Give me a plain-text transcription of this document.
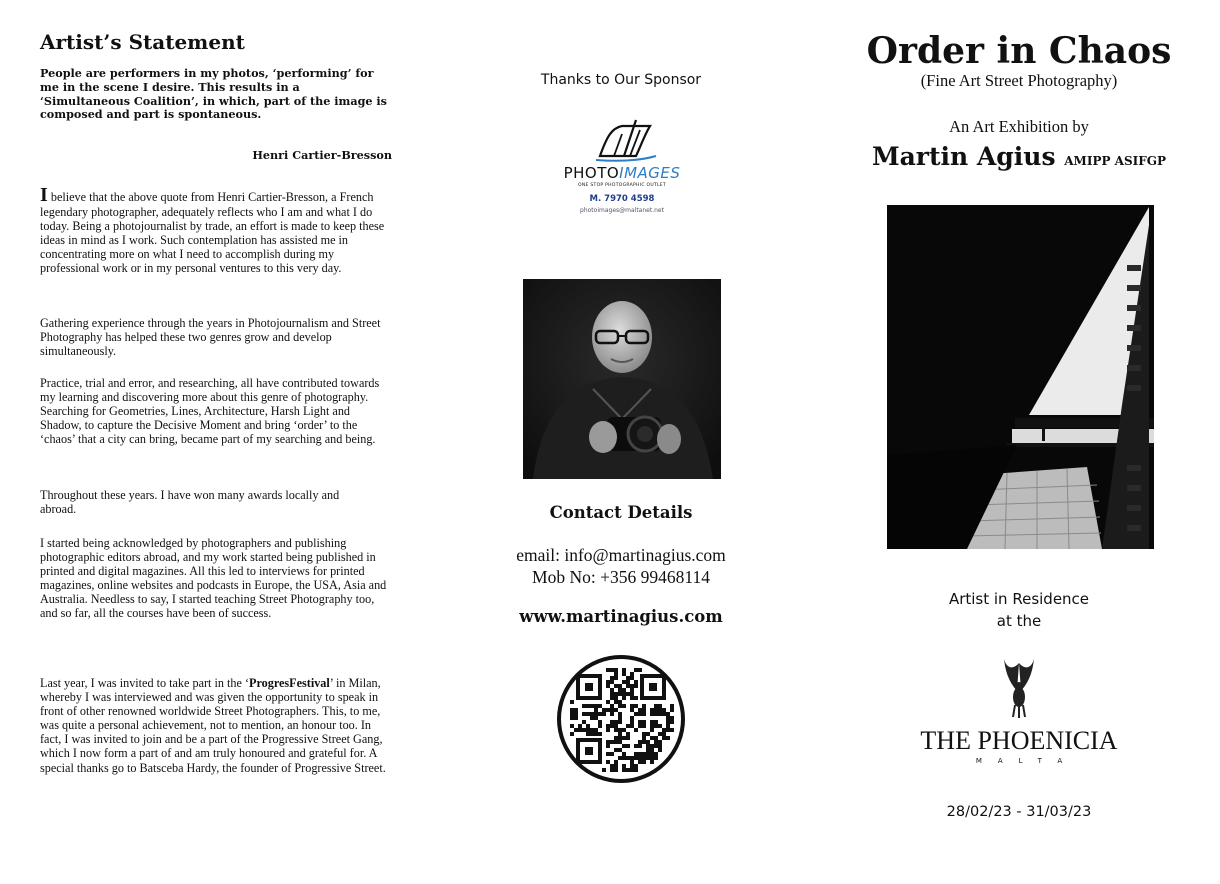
Artist’s Statement
People are performers in my photos, ‘performing’ for me in the scene I desire. This results in a ‘Simultaneous Coalition’, in which, part of the image is composed and part is spontaneous.
Henri Cartier-Bresson

I believe that the above quote from Henri Cartier-Bresson, a French legendary photographer, adequately reflects who I am and what I do today. Being a photojournalist by trade, an effort is made to keep these ideas in mind as I work. Such contemplation has assisted me in concentrating more on what I need to accomplish during my professional work or in my personal ventures to this very day.

Gathering experience through the years in Photojournalism and Street Photography has helped these two genres grow and develop simultaneously.

Practice, trial and error, and researching, all have contributed towards my learning and discovering more about this genre of photography. Searching for Geometries, Lines, Architecture, Harsh Light and Shadow, to capture the Decisive Moment and bring ‘order’ to the ‘chaos’ that a city can bring, became part of my searching and being.

Throughout these years. I have won many awards locally and abroad.

I started being acknowledged by photographers and publishing photographic editors abroad, and my work started being published in printed and digital magazines. All this led to interviews for printed magazines, online websites and podcasts in Europe, the USA, Asia and Australia. Needless to say, I started teaching Street Photography too, and so far, all the courses have been of success.

Last year, I was invited to take part in the ‘ProgresFestival’ in Milan, whereby I was interviewed and was given the opportunity to speak in front of other renowned worldwide Street Photographers. This, to me, was quite a personal achievement, not to mention, an honour too. In fact, I was invited to join and be a part of the Progressive Street Gang, which I now form a part of and am truly honoured and grateful for. A special thanks go to Batsceba Hardy, the founder of Progressive Street.

Thanks to Our Sponsor
PHOTOIMAGES
ONE STOP PHOTOGRAPHIC OUTLET
M. 7970 4598
photoimages@maltanet.net
Contact Details
email: info@martinagius.com
Mob No: +356 99468114
www.martinagius.com
Order in Chaos
(Fine Art Street Photography)
An Art Exhibition by
Martin Agius AMIPP ASIFGP
Artist in Residence
at the
THE PHOENICIA
MALTA
28/02/23 - 31/03/23
